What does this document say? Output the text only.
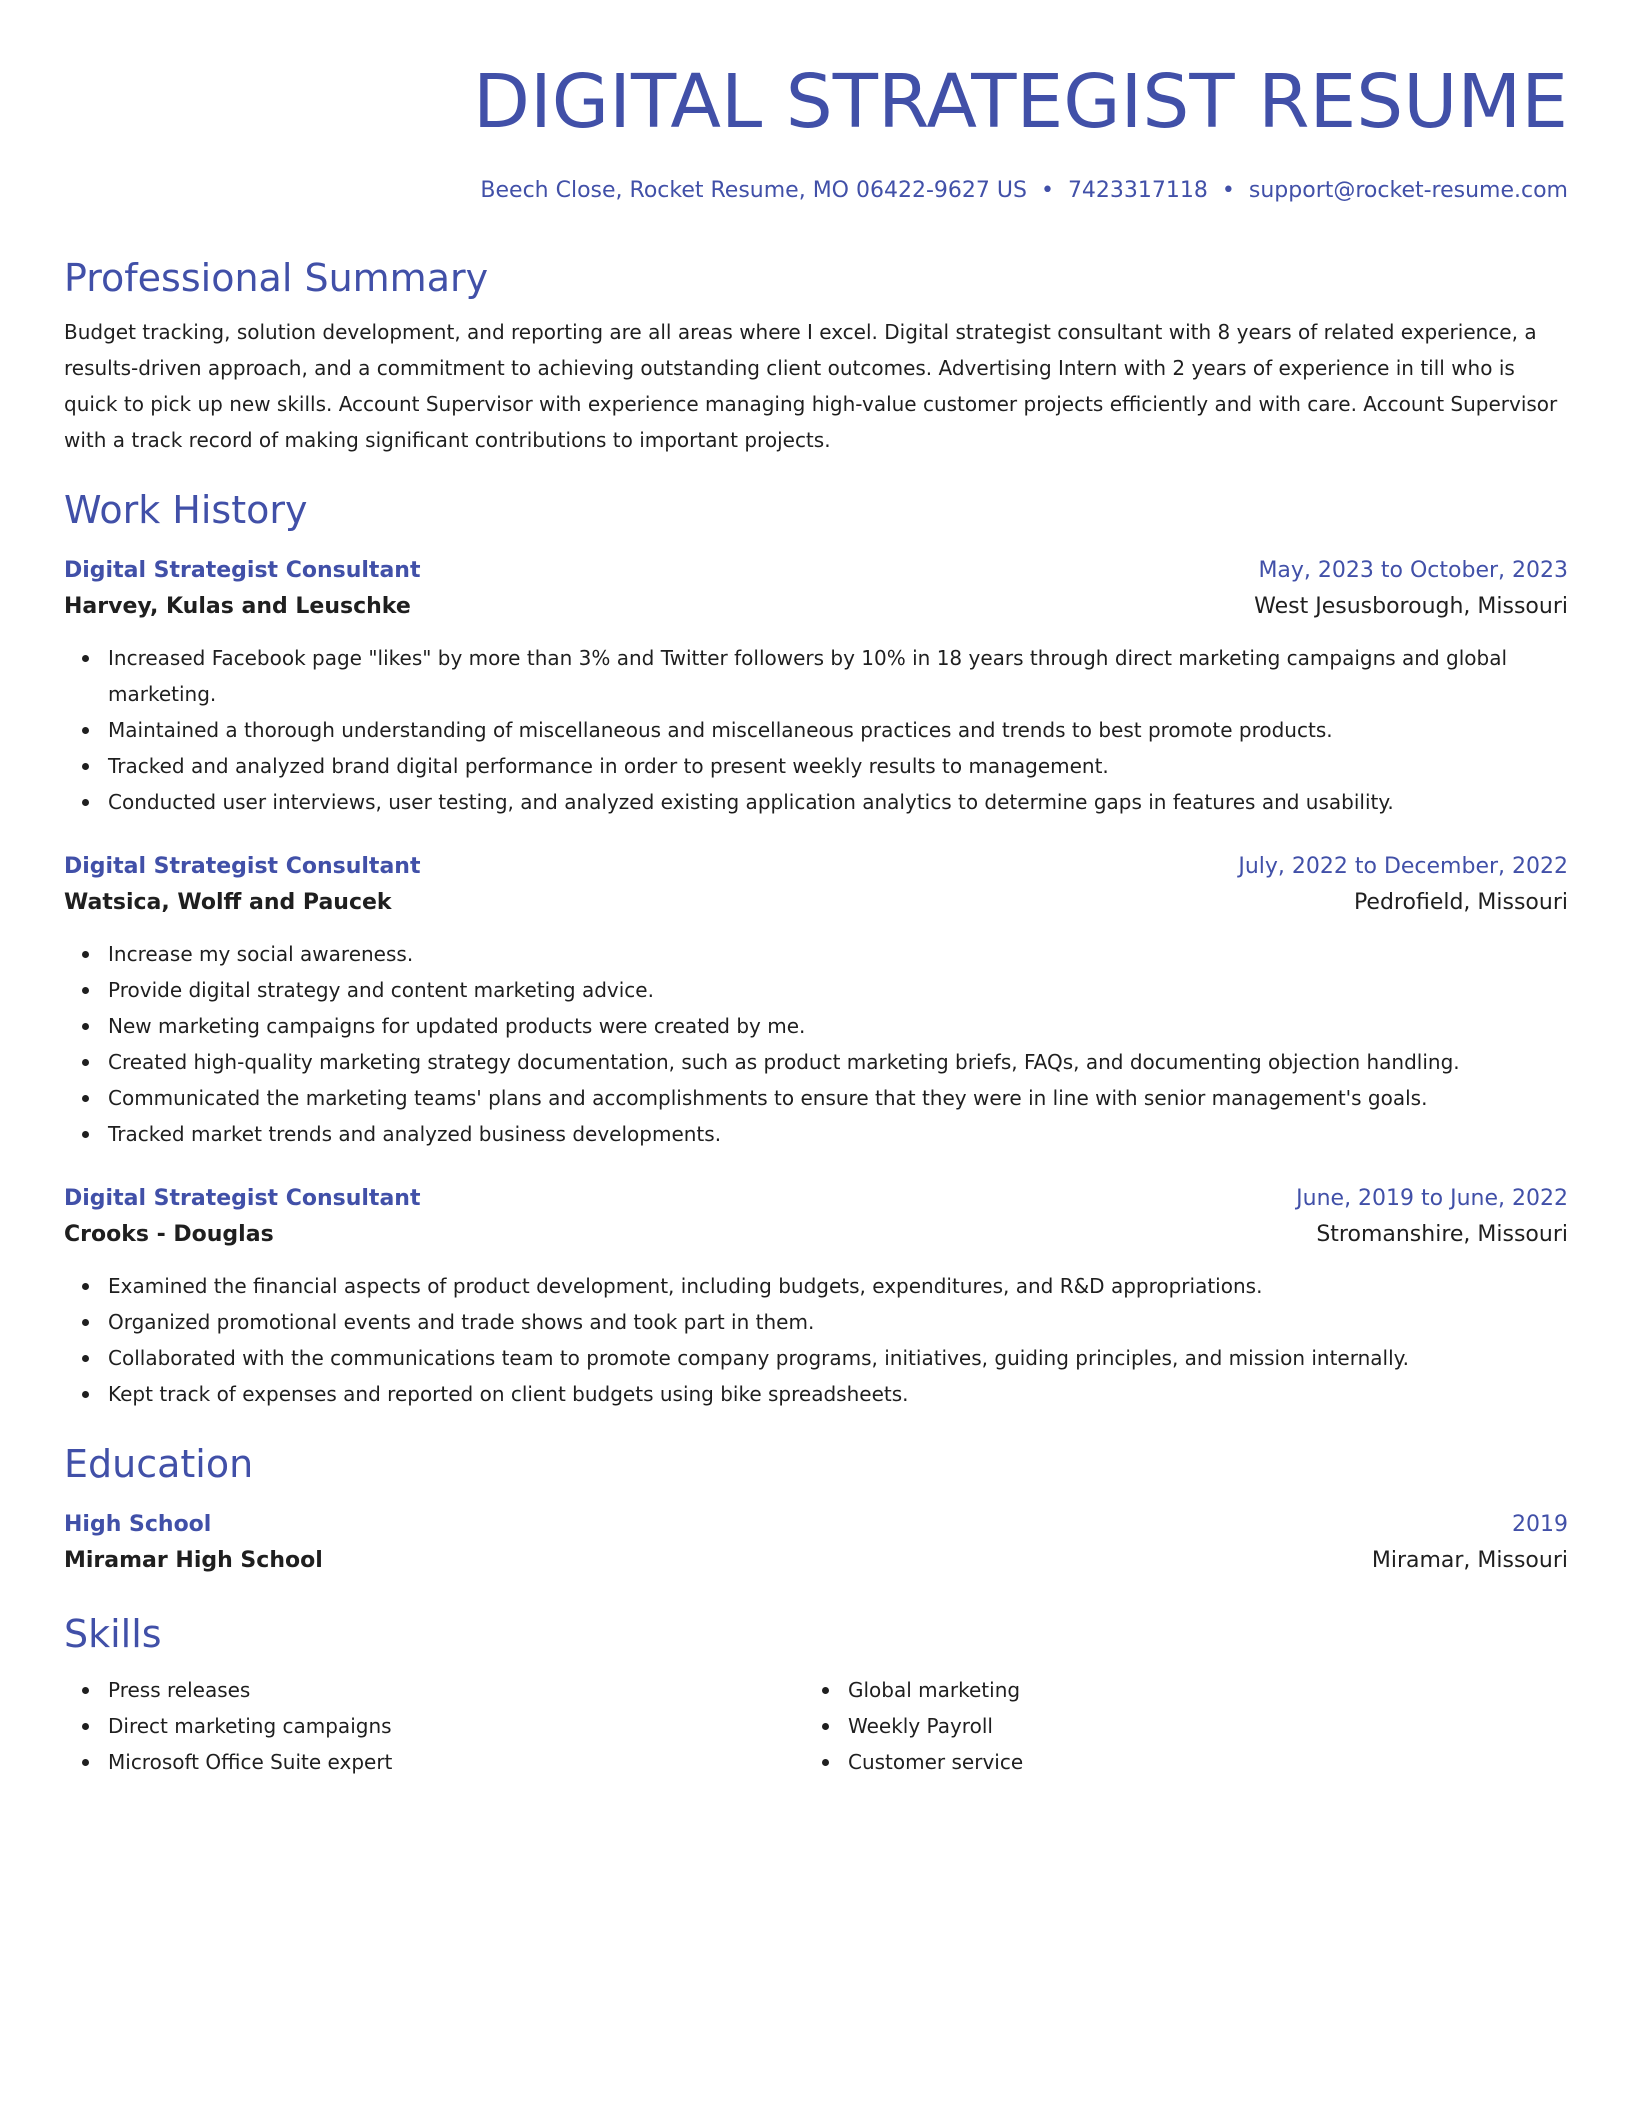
DIGITAL STRATEGIST RESUME
Beech Close, Rocket Resume, MO 06422-9627 US • 7423317118 • support@rocket-resume.com
Professional Summary

Budget tracking, solution development, and reporting are all areas where I excel. Digital strategist consultant with 8 years of related experience, a results-driven approach, and a commitment to achieving outstanding client outcomes. Advertising Intern with 2 years of experience in till who is quick to pick up new skills. Account Supervisor with experience managing high-value customer projects efficiently and with care. Account Supervisor with a track record of making significant contributions to important projects.

Work History
Digital Strategist Consultant	May, 2023 to October, 2023
Harvey, Kulas and Leuschke	West Jesusborough, Missouri
Increased Facebook page "likes" by more than 3% and Twitter followers by 10% in 18 years through direct marketing campaigns and global marketing.
Maintained a thorough understanding of miscellaneous and miscellaneous practices and trends to best promote products.
Tracked and analyzed brand digital performance in order to present weekly results to management.
Conducted user interviews, user testing, and analyzed existing application analytics to determine gaps in features and usability.
Digital Strategist Consultant	July, 2022 to December, 2022
Watsica, Wolff and Paucek	Pedrofield, Missouri
Increase my social awareness.
Provide digital strategy and content marketing advice.
New marketing campaigns for updated products were created by me.
Created high-quality marketing strategy documentation, such as product marketing briefs, FAQs, and documenting objection handling.
Communicated the marketing teams' plans and accomplishments to ensure that they were in line with senior management's goals.
Tracked market trends and analyzed business developments.
Digital Strategist Consultant	June, 2019 to June, 2022
Crooks - Douglas	Stromanshire, Missouri
Examined the financial aspects of product development, including budgets, expenditures, and R&D appropriations.
Organized promotional events and trade shows and took part in them.
Collaborated with the communications team to promote company programs, initiatives, guiding principles, and mission internally.
Kept track of expenses and reported on client budgets using bike spreadsheets.
Education
High School	2019
Miramar High School	Miramar, Missouri
Skills
Press releases
Direct marketing campaigns
Microsoft Office Suite expert
Global marketing
Weekly Payroll
Customer service
